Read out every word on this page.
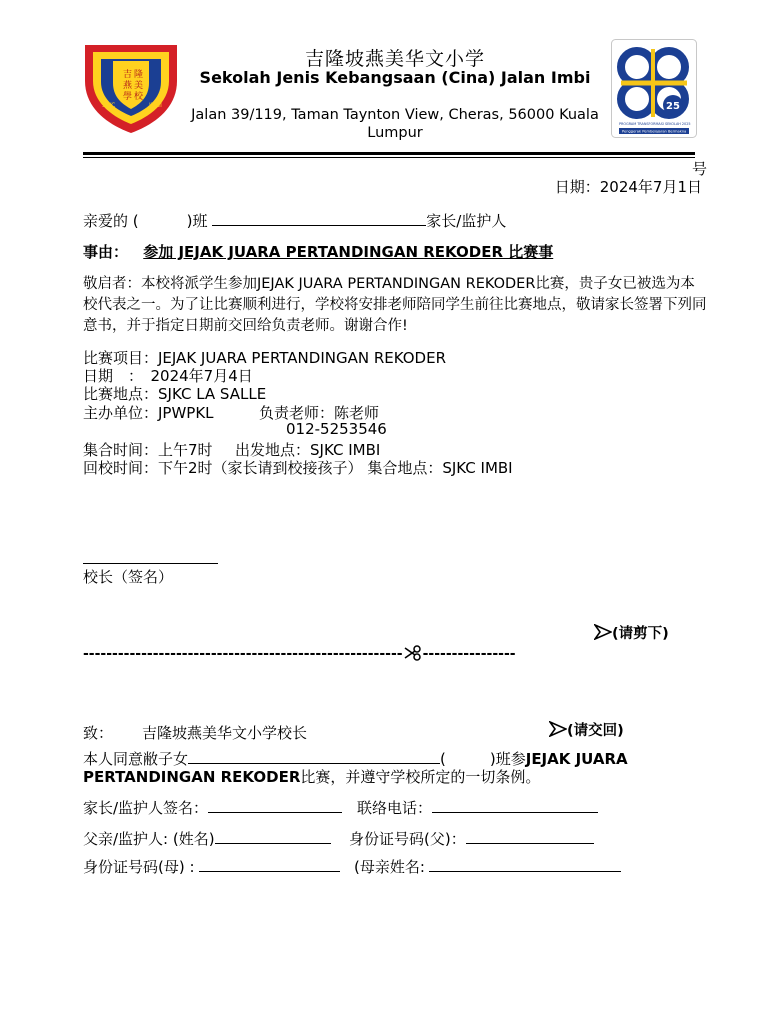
吉 隆
燕 美
學 校
SJKC	IMBI	25
PROGRAM TRANSFORMASI SEKOLAH 2025
Penggerak Pembelajaran Bermakna
吉隆坡燕美华文小学
Sekolah Jenis Kebangsaan (Cina) Jalan Imbi
Jalan 39/119, Taman Taynton View, Cheras, 56000 Kuala Lumpur
号
日期：2024年7月1日
亲爱的 (	)班	家长/监护人
事由： 参加 JEJAK JUARA PERTANDINGAN REKODER 比赛事
敬启者：本校将派学生参加JEJAK JUARA PERTANDINGAN REKODER比赛，贵子女已被选为本校代表之一。为了让比赛顺利进行，学校将安排老师陪同学生前往比赛地点，敬请家长签署下列同意书，并于指定日期前交回给负责老师。谢谢合作!
比赛项目：JEJAK JUARA PERTANDINGAN REKODER
日期　：　2024年7月4日
比赛地点：SJKC LA SALLE
主办单位：JPWPKL	负责老师：陈老师
012-5253546
集合时间：上午7时 出发地点：SJKC IMBI
回校时间：下午2时（家长请到校接孩子） 集合地点：SJKC IMBI
校长（签名）
(请剪下)
------------------------------------------------------- ----------------
致： 吉隆坡燕美华文小学校长	(请交回)
本人同意敝子女	(	)班参JEJAK JUARA
PERTANDINGAN REKODER比赛，并遵守学校所定的一切条例。
家长/监护人签名：	联络电话：
父亲/监护人: (姓名)	身份证号码(父)：
身份证号码(母) :	(母亲姓名:
